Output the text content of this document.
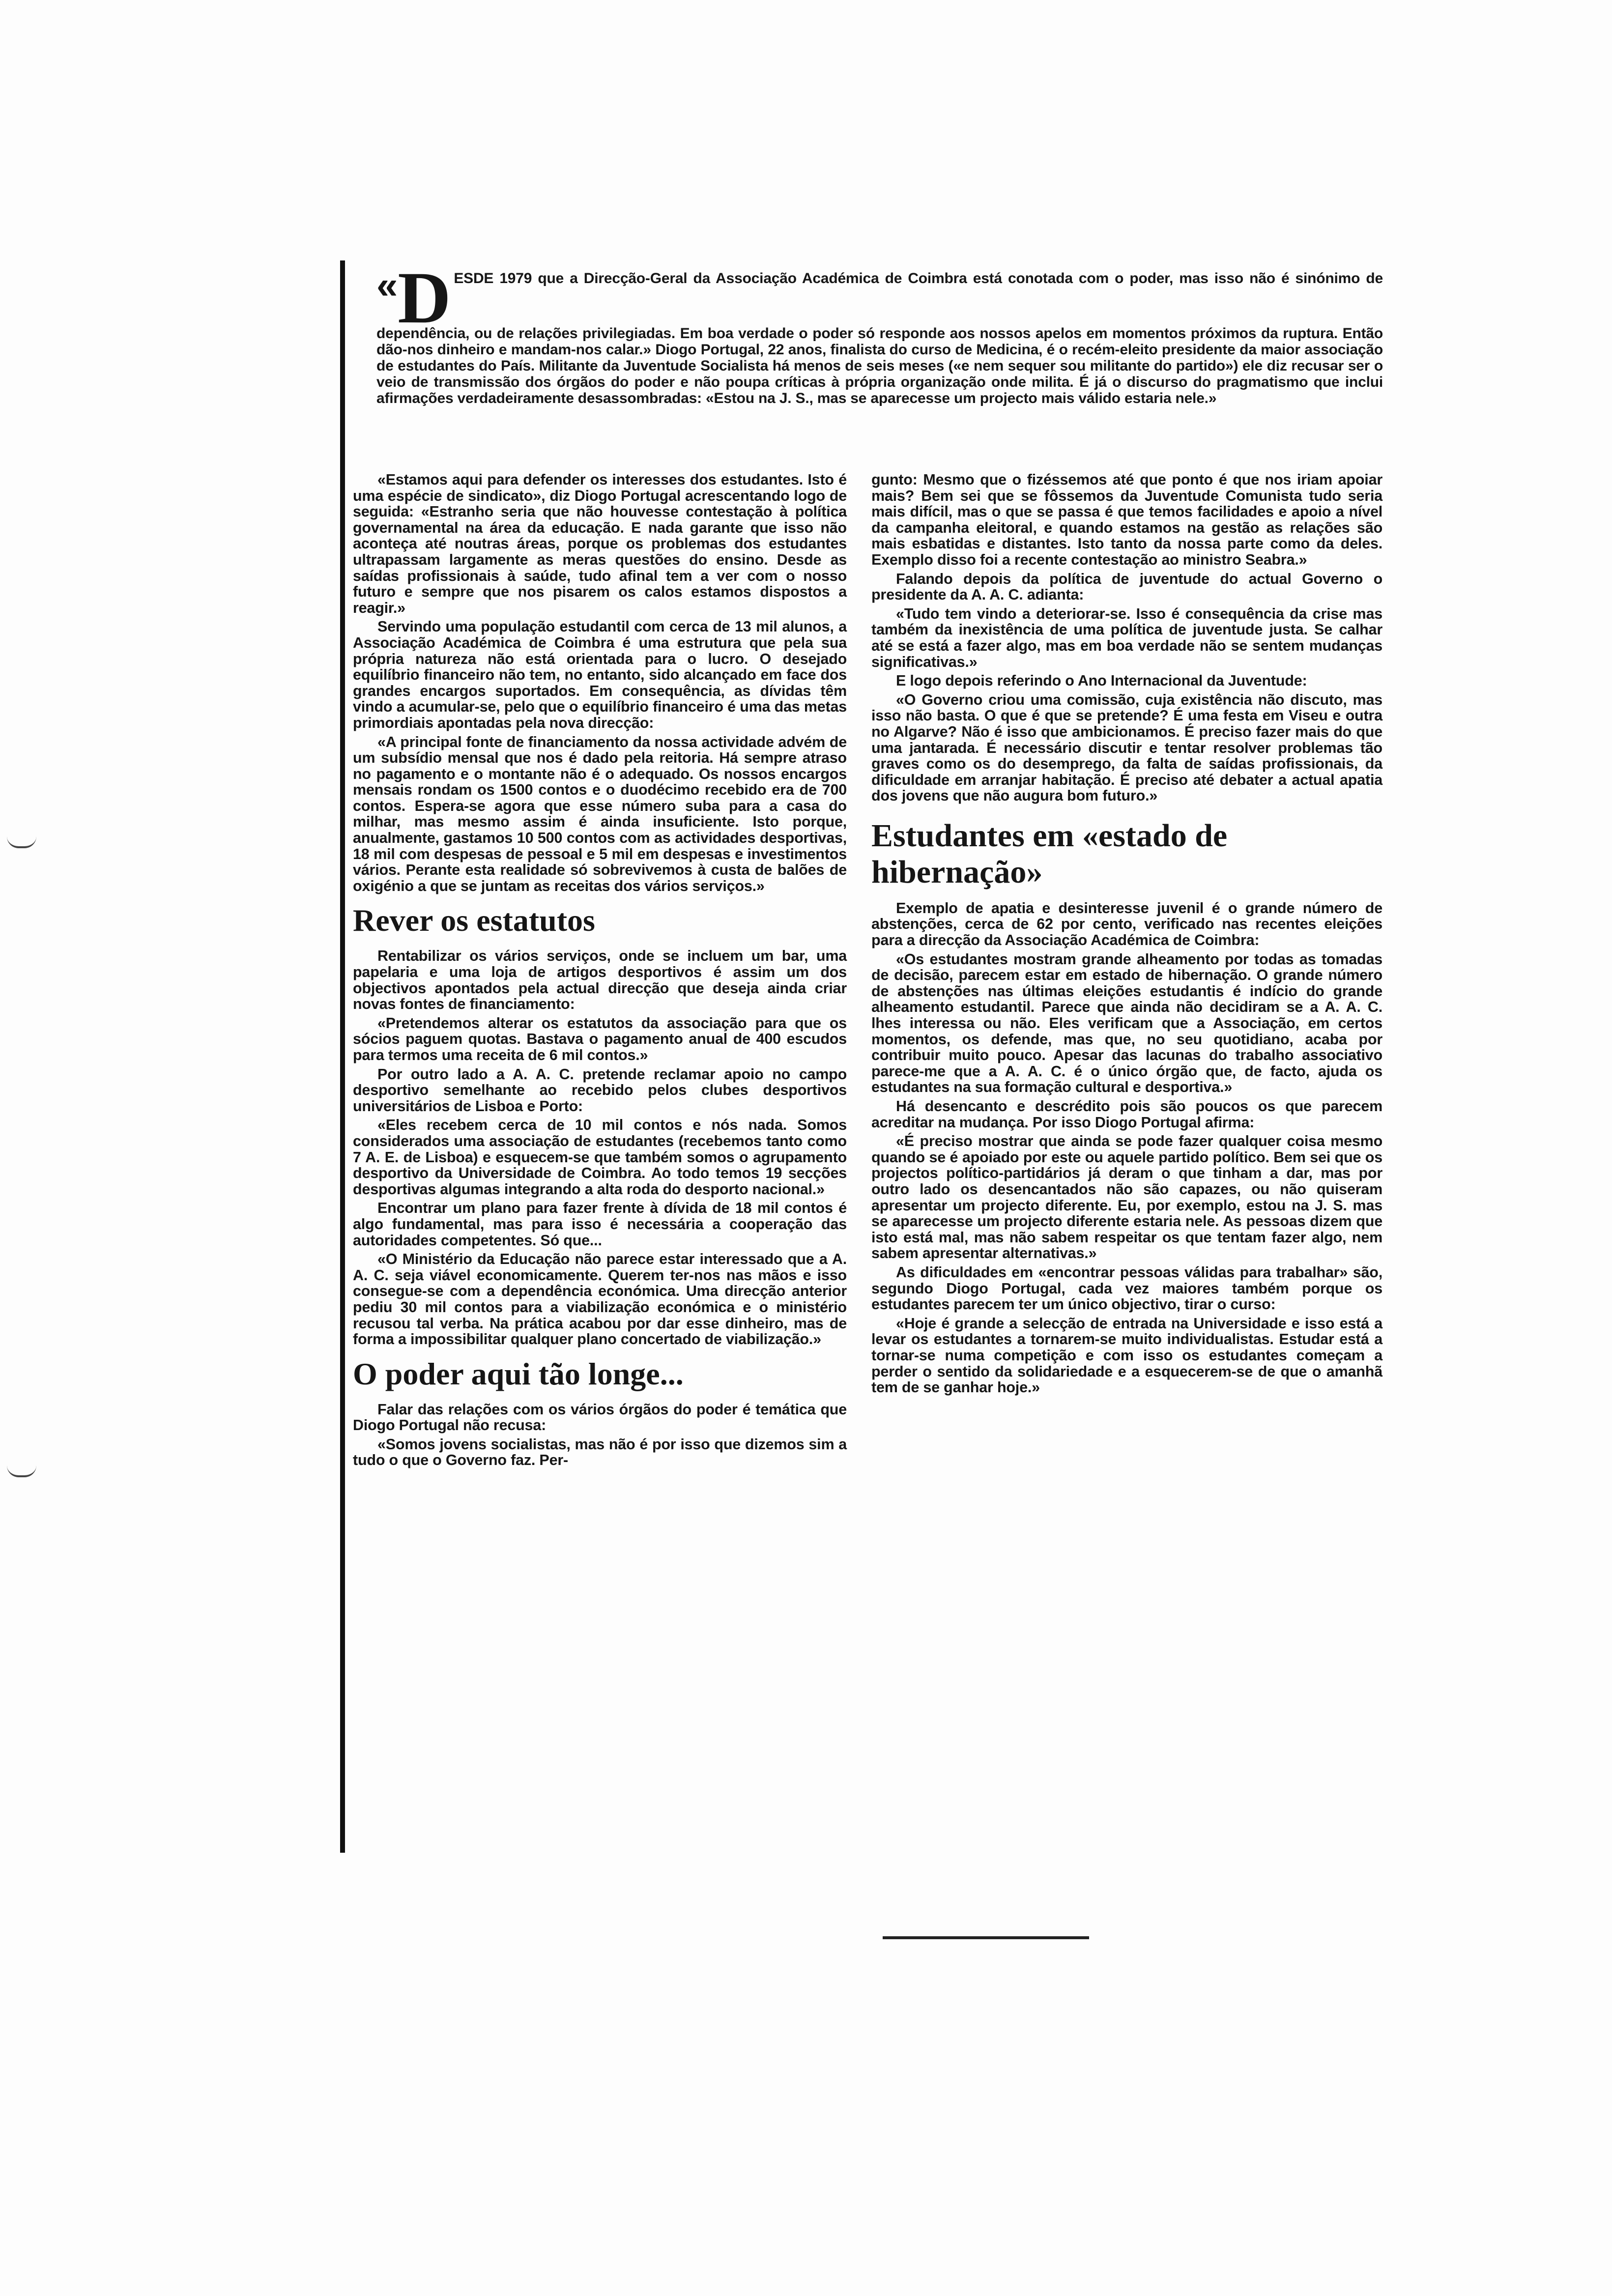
«D ESDE 1979 que a Direcção-Geral da Associação Académica de Coimbra está conotada com o poder, mas isso não é sinónimo de dependência, ou de relações privilegiadas. Em boa verdade o poder só responde aos nossos apelos em momentos próximos da ruptura. Então dão-nos dinheiro e mandam-nos calar.» Diogo Portugal, 22 anos, finalista do curso de Medicina, é o recém-eleito presidente da maior associação de estudantes do País. Militante da Juventude Socialista há menos de seis meses («e nem sequer sou militante do partido») ele diz recusar ser o veio de transmissão dos órgãos do poder e não poupa críticas à própria organização onde milita. É já o discurso do pragmatismo que inclui afirmações verdadeiramente desassombradas: «Estou na J. S., mas se aparecesse um projecto mais válido estaria nele.»

«Estamos aqui para defender os interesses dos estudantes. Isto é uma espécie de sindicato», diz Diogo Portugal acrescentando logo de seguida: «Estranho seria que não houvesse contestação à política governamental na área da educação. E nada garante que isso não aconteça até noutras áreas, porque os problemas dos estudantes ultrapassam largamente as meras questões do ensino. Desde as saídas profissionais à saúde, tudo afinal tem a ver com o nosso futuro e sempre que nos pisarem os calos estamos dispostos a reagir.»

Servindo uma população estudantil com cerca de 13 mil alunos, a Associação Académica de Coimbra é uma estrutura que pela sua própria natureza não está orientada para o lucro. O desejado equilíbrio financeiro não tem, no entanto, sido alcançado em face dos grandes encargos suportados. Em consequência, as dívidas têm vindo a acumular-se, pelo que o equilíbrio financeiro é uma das metas primordiais apontadas pela nova direcção:

«A principal fonte de financiamento da nossa actividade advém de um subsídio mensal que nos é dado pela reitoria. Há sempre atraso no pagamento e o montante não é o adequado. Os nossos encargos mensais rondam os 1500 contos e o duodécimo recebido era de 700 contos. Espera-se agora que esse número suba para a casa do milhar, mas mesmo assim é ainda insuficiente. Isto porque, anualmente, gastamos 10 500 contos com as actividades desportivas, 18 mil com despesas de pessoal e 5 mil em despesas e investimentos vários. Perante esta realidade só sobrevivemos à custa de balões de oxigénio a que se juntam as receitas dos vários serviços.»

Rever os estatutos

Rentabilizar os vários serviços, onde se incluem um bar, uma papelaria e uma loja de artigos desportivos é assim um dos objectivos apontados pela actual direcção que deseja ainda criar novas fontes de financiamento:

«Pretendemos alterar os estatutos da associação para que os sócios paguem quotas. Bastava o pagamento anual de 400 escudos para termos uma receita de 6 mil contos.»

Por outro lado a A. A. C. pretende reclamar apoio no campo desportivo semelhante ao recebido pelos clubes desportivos universitários de Lisboa e Porto:

«Eles recebem cerca de 10 mil contos e nós nada. Somos considerados uma associação de estudantes (recebemos tanto como 7 A. E. de Lisboa) e esquecem-se que também somos o agrupamento desportivo da Universidade de Coimbra. Ao todo temos 19 secções desportivas algumas integrando a alta roda do desporto nacional.»

Encontrar um plano para fazer frente à dívida de 18 mil contos é algo fundamental, mas para isso é necessária a cooperação das autoridades competentes. Só que...

«O Ministério da Educação não parece estar interessado que a A. A. C. seja viável economicamente. Querem ter-nos nas mãos e isso consegue-se com a dependência económica. Uma direcção anterior pediu 30 mil contos para a viabilização económica e o ministério recusou tal verba. Na prática acabou por dar esse dinheiro, mas de forma a impossibilitar qualquer plano concertado de viabilização.»

O poder aqui tão longe...

Falar das relações com os vários órgãos do poder é temática que Diogo Portugal não recusa:

«Somos jovens socialistas, mas não é por isso que dizemos sim a tudo o que o Governo faz. Per-

gunto: Mesmo que o fizéssemos até que ponto é que nos iriam apoiar mais? Bem sei que se fôssemos da Juventude Comunista tudo seria mais difícil, mas o que se passa é que temos facilidades e apoio a nível da campanha eleitoral, e quando estamos na gestão as relações são mais esbatidas e distantes. Isto tanto da nossa parte como da deles. Exemplo disso foi a recente contestação ao ministro Seabra.»

Falando depois da política de juventude do actual Governo o presidente da A. A. C. adianta:

«Tudo tem vindo a deteriorar-se. Isso é consequência da crise mas também da inexistência de uma política de juventude justa. Se calhar até se está a fazer algo, mas em boa verdade não se sentem mudanças significativas.»

E logo depois referindo o Ano Internacional da Juventude:

«O Governo criou uma comissão, cuja existência não discuto, mas isso não basta. O que é que se pretende? É uma festa em Viseu e outra no Algarve? Não é isso que ambicionamos. É preciso fazer mais do que uma jantarada. É necessário discutir e tentar resolver problemas tão graves como os do desemprego, da falta de saídas profissionais, da dificuldade em arranjar habitação. É preciso até debater a actual apatia dos jovens que não augura bom futuro.»

Estudantes em «estado de hibernação»

Exemplo de apatia e desinteresse juvenil é o grande número de abstenções, cerca de 62 por cento, verificado nas recentes eleições para a direcção da Associação Académica de Coimbra:

«Os estudantes mostram grande alheamento por todas as tomadas de decisão, parecem estar em estado de hibernação. O grande número de abstenções nas últimas eleições estudantis é indício do grande alheamento estudantil. Parece que ainda não decidiram se a A. A. C. lhes interessa ou não. Eles verificam que a Associação, em certos momentos, os defende, mas que, no seu quotidiano, acaba por contribuir muito pouco. Apesar das lacunas do trabalho associativo parece-me que a A. A. C. é o único órgão que, de facto, ajuda os estudantes na sua formação cultural e desportiva.»

Há desencanto e descrédito pois são poucos os que parecem acreditar na mudança. Por isso Diogo Portugal afirma:

«É preciso mostrar que ainda se pode fazer qualquer coisa mesmo quando se é apoiado por este ou aquele partido político. Bem sei que os projectos político-partidários já deram o que tinham a dar, mas por outro lado os desencantados não são capazes, ou não quiseram apresentar um projecto diferente. Eu, por exemplo, estou na J. S. mas se aparecesse um projecto diferente estaria nele. As pessoas dizem que isto está mal, mas não sabem respeitar os que tentam fazer algo, nem sabem apresentar alternativas.»

As dificuldades em «encontrar pessoas válidas para trabalhar» são, segundo Diogo Portugal, cada vez maiores também porque os estudantes parecem ter um único objectivo, tirar o curso:

«Hoje é grande a selecção de entrada na Universidade e isso está a levar os estudantes a tornarem-se muito individualistas. Estudar está a tornar-se numa competição e com isso os estudantes começam a perder o sentido da solidariedade e a esquecerem-se de que o amanhã tem de se ganhar hoje.»
